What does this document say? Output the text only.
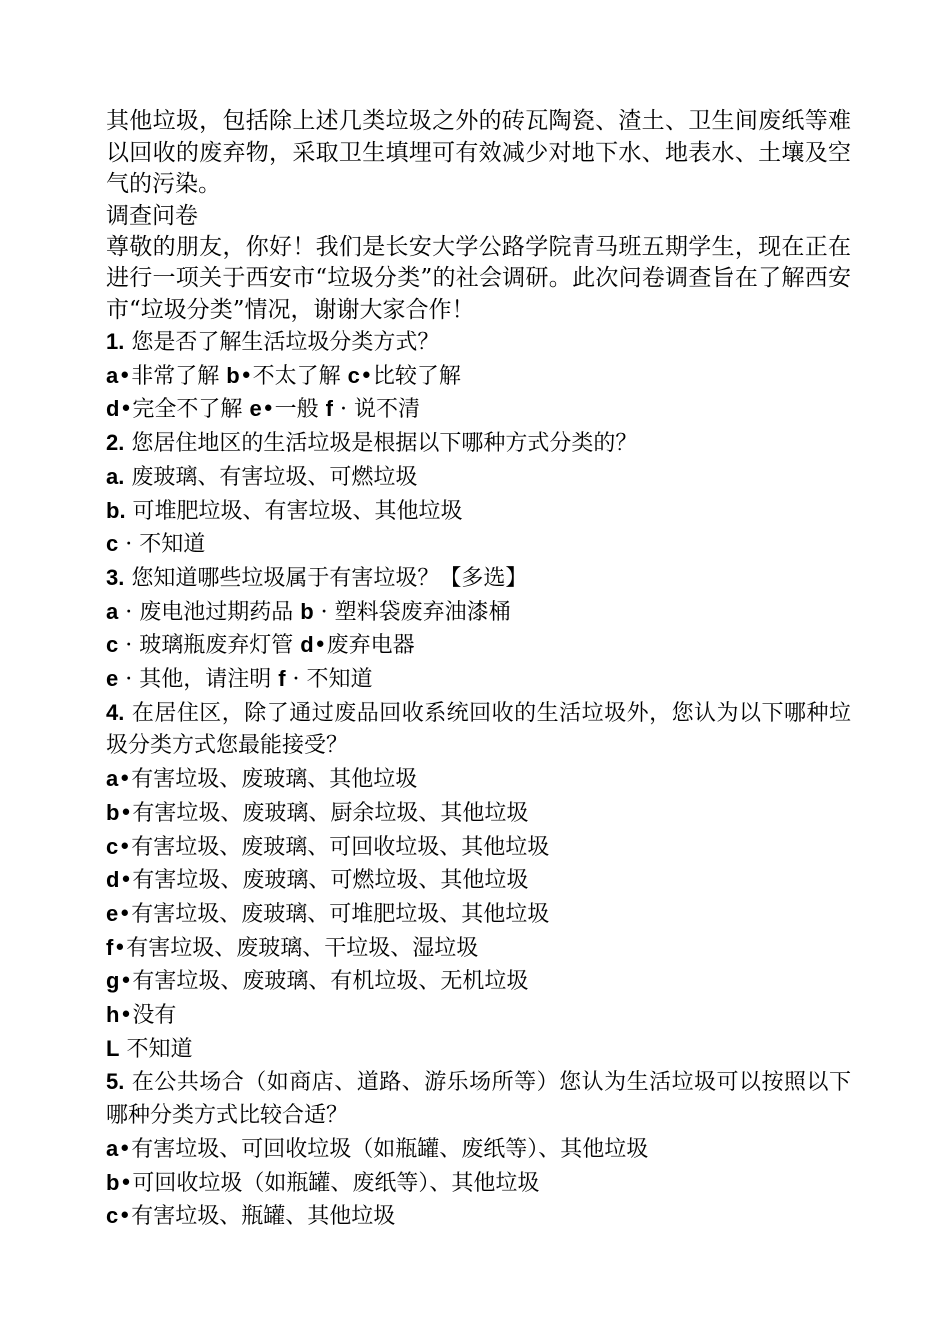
其他垃圾，包括除上述几类垃圾之外的砖瓦陶瓷、渣土、卫生间废纸等难以回收的废弃物，采取卫生填埋可有效减少对地下水、地表水、土壤及空气的污染。

调查问卷

尊敬的朋友，你好！我们是长安大学公路学院青马班五期学生，现在正在进行一项关于西安市“垃圾分类”的社会调研。此次问卷调查旨在了解西安市“垃圾分类”情况，谢谢大家合作！

1. 您是否了解生活垃圾分类方式？

a•非常了解 b•不太了解 c•比较了解

d•完全不了解 e•一般 f · 说不清

2. 您居住地区的生活垃圾是根据以下哪种方式分类的？

a. 废玻璃、有害垃圾、可燃垃圾

b. 可堆肥垃圾、有害垃圾、其他垃圾

c · 不知道

3. 您知道哪些垃圾属于有害垃圾？【多选】

a · 废电池过期药品 b · 塑料袋废弃油漆桶

c · 玻璃瓶废弃灯管 d•废弃电器

e · 其他，请注明 f · 不知道

4. 在居住区，除了通过废品回收系统回收的生活垃圾外，您认为以下哪种垃圾分类方式您最能接受？

a•有害垃圾、废玻璃、其他垃圾

b•有害垃圾、废玻璃、厨余垃圾、其他垃圾

c•有害垃圾、废玻璃、可回收垃圾、其他垃圾

d•有害垃圾、废玻璃、可燃垃圾、其他垃圾

e•有害垃圾、废玻璃、可堆肥垃圾、其他垃圾

f•有害垃圾、废玻璃、干垃圾、湿垃圾

g•有害垃圾、废玻璃、有机垃圾、无机垃圾

h•没有

L 不知道

5. 在公共场合（如商店、道路、游乐场所等）您认为生活垃圾可以按照以下哪种分类方式比较合适？

a•有害垃圾、可回收垃圾（如瓶罐、废纸等）、其他垃圾

b•可回收垃圾（如瓶罐、废纸等）、其他垃圾

c•有害垃圾、瓶罐、其他垃圾
